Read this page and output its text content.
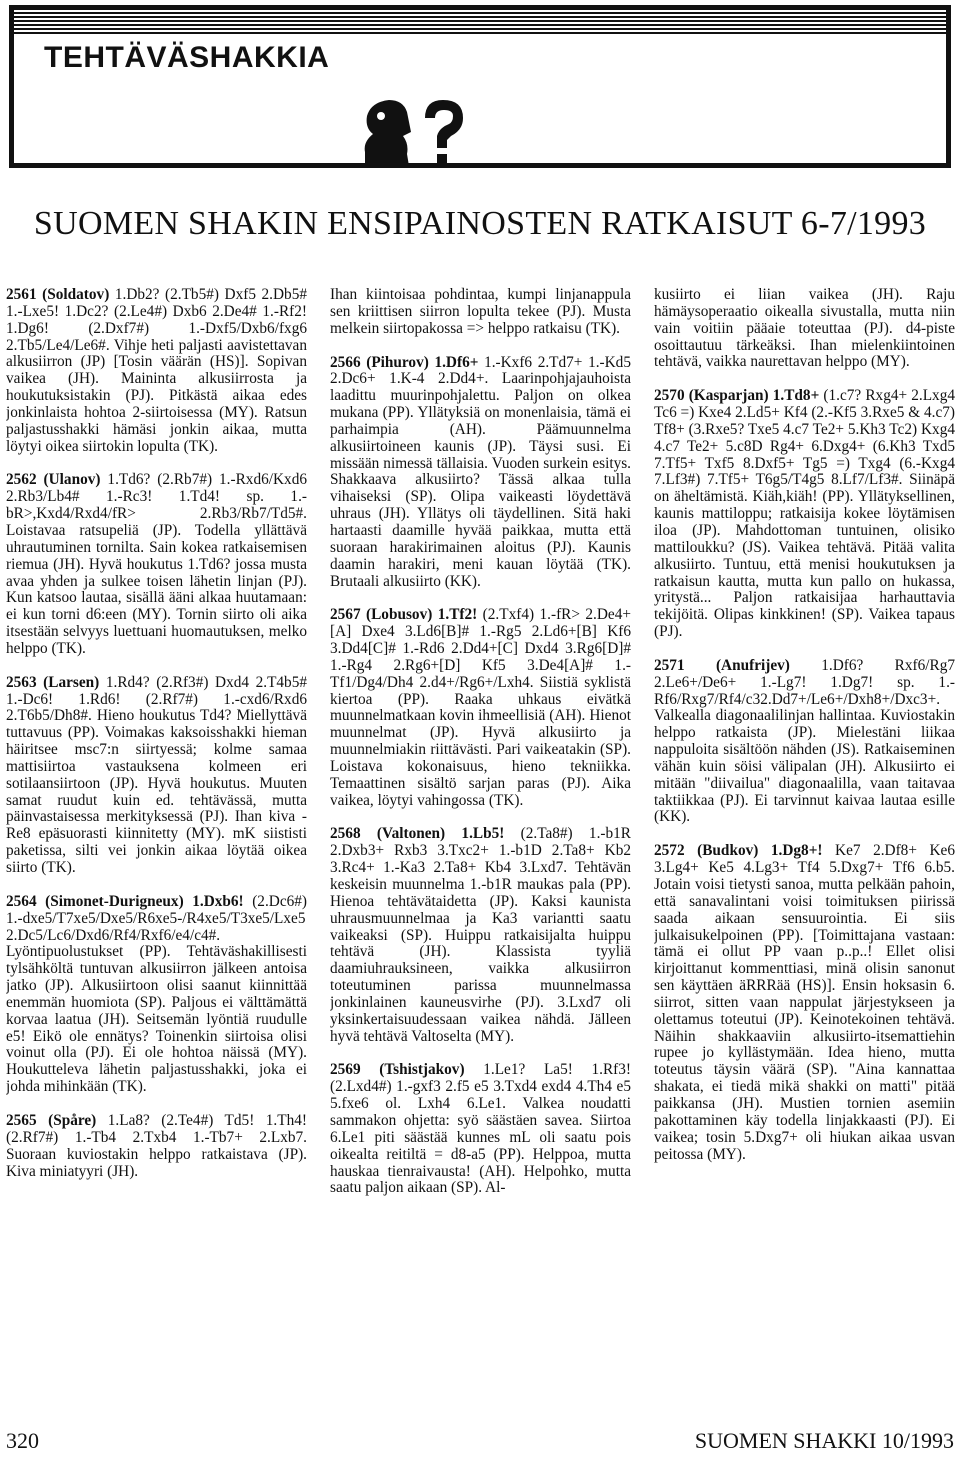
TEHTÄVÄSHAKKIA
SUOMEN SHAKIN ENSIPAINOSTEN RATKAISUT 6-7/1993

2561 (Soldatov) 1.Db2? (2.Tb5#) Dxf5 2.Db5# 1.-Lxe5! 1.Dc2? (2.Le4#) Dxb6 2.De4# 1.-Rf2! 1.Dg6! (2.Dxf7#) 1.-Dxf5/Dxb6/fxg6 2.Tb5/Le4/Le6#. Vihje heti paljasti aavistettavan alkusiirron (JP) [Tosin väärän (HS)]. Sopivan vaikea (JH). Maininta alkusiirrosta ja houkutuksistakin (PJ). Pitkästä aikaa edes jonkinlaista hohtoa 2-siirtoisessa (MY). Ratsun paljastusshakki hämäsi jonkin aikaa, mutta löytyi oikea siirtokin lopulta (TK).

2562 (Ulanov) 1.Td6? (2.Rb7#) 1.-Rxd6/Kxd6 2.Rb3/Lb4# 1.-Rc3! 1.Td4! sp. 1.-bR>,Kxd4/Rxd4/fR> 2.Rb3/Rb7/Td5#. Loistavaa ratsupeliä (JP). Todella yllättävä uhrautuminen tornilta. Sain kokea ratkaisemisen riemua (JH). Hyvä houkutus 1.Td6? jossa musta avaa yhden ja sulkee toisen lähetin linjan (PJ). Kun katsoo lautaa, sisällä ääni alkaa huutamaan: ei kun torni d6:een (MY). Tornin siirto oli aika itsestään selvyys luettuani huomautuksen, melko helppo (TK).

2563 (Larsen) 1.Rd4? (2.Rf3#) Dxd4 2.T4b5# 1.-Dc6! 1.Rd6! (2.Rf7#) 1.-cxd6/Rxd6 2.T6b5/Dh8#. Hieno houkutus Td4? Miellyttävä tuttavuus (PP). Voimakas kaksoisshakki hieman häiritsee msc7:n siirtyessä; kolme samaa mattisiirtoa vastauksena kolmeen eri sotilaansiirtoon (JP). Hyvä houkutus. Muuten samat ruudut kuin ed. tehtävässä, mutta päinvastaisessa merkityksessä (PJ). Ihan kiva -Re8 epäsuorasti kiinnitetty (MY). mK siististi paketissa, silti vei jonkin aikaa löytää oikea siirto (TK).

2564 (Simonet-Durigneux) 1.Dxb6! (2.Dc6#) 1.-dxe5/T7xe5/Dxe5/R6xe5-/R4xe5/T3xe5/Lxe5 2.Dc5/Lc6/Dxd6/Rf4/Rxf6/e4/c4#. Lyöntipuolustukset (PP). Tehtäväshakillisesti tylsähköltä tuntuvan alkusiirron jälkeen antoisa jatko (JP). Alkusiirtoon olisi saanut kiinnittää enemmän huomiota (SP). Paljous ei välttämättä korvaa laatua (JH). Seitsemän lyöntiä ruudulle e5! Eikö ole ennätys? Toinenkin siirtoisa olisi voinut olla (PJ). Ei ole hohtoa näissä (MY). Houkutteleva lähetin paljastusshakki, joka ei johda mihinkään (TK).

2565 (Spåre) 1.La8? (2.Te4#) Td5! 1.Th4! (2.Rf7#) 1.-Tb4 2.Txb4 1.-Tb7+ 2.Lxb7. Suoraan kuviostakin helppo ratkaistava (JP). Kiva miniatyyri (JH).

Ihan kiintoisaa pohdintaa, kumpi linjanappula sen kriittisen siirron lopulta tekee (PJ). Musta melkein siirtopakossa => helppo ratkaisu (TK).

2566 (Pihurov) 1.Df6+ 1.-Kxf6 2.Td7+ 1.-Kd5 2.Dc6+ 1.K-4 2.Dd4+. Laarinpohjajauhoista laadittu muurinpohjalettu. Paljon on olkea mukana (PP). Yllätyksiä on monenlaisia, tämä ei parhaimpia (AH). Päämuunnelma alkusiirtoineen kaunis (JP). Täysi susi. Ei missään nimessä tällaisia. Vuoden surkein esitys. Shakkaava alkusiirto? Tässä alkaa tulla vihaiseksi (SP). Olipa vaikeasti löydettävä uhraus (JH). Yllätys oli täydellinen. Sitä haki hartaasti daamille hyvää paikkaa, mutta että suoraan harakirimainen aloitus (PJ). Kaunis daamin harakiri, meni kauan löytää (TK). Brutaali alkusiirto (KK).

2567 (Lobusov) 1.Tf2! (2.Txf4) 1.-fR> 2.De4+[A] Dxe4 3.Ld6[B]# 1.-Rg5 2.Ld6+[B] Kf6 3.Dd4[C]# 1.-Rd6 2.Dd4+[C] Dxd4 3.Rg6[D]# 1.-Rg4 2.Rg6+[D] Kf5 3.De4[A]# 1.-Tf1/Dg4/Dh4 2.d4+/Rg6+/Lxh4. Siistiä syklistä kiertoa (PP). Raaka uhkaus eivätkä muunnelmatkaan kovin ihmeellisiä (AH). Hienot muunnelmat (JP). Hyvä alkusiirto ja muunnelmiakin riittävästi. Pari vaikeatakin (SP). Loistava kokonaisuus, hieno tekniikka. Temaattinen sisältö sarjan paras (PJ). Aika vaikea, löytyi vahingossa (TK).

2568 (Valtonen) 1.Lb5! (2.Ta8#) 1.-b1R 2.Dxb3+ Rxb3 3.Txc2+ 1.-b1D 2.Ta8+ Kb2 3.Rc4+ 1.-Ka3 2.Ta8+ Kb4 3.Lxd7. Tehtävän keskeisin muunnelma 1.-b1R maukas pala (PP). Hienoa tehtävätaidetta (JP). Kaksi kaunista uhrausmuunnelmaa ja Ka3 variantti saatu vaikeaksi (SP). Huippu ratkaisijalta huippu tehtävä (JH). Klassista tyyliä daamiuhrauksineen, vaikka alkusiirron toteutuminen parissa muunnelmassa jonkinlainen kauneusvirhe (PJ). 3.Lxd7 oli yksinkertaisuudessaan vaikea nähdä. Jälleen hyvä tehtävä Valtoselta (MY).

2569 (Tshistjakov) 1.Le1? La5! 1.Rf3! (2.Lxd4#) 1.-gxf3 2.f5 e5 3.Txd4 exd4 4.Th4 e5 5.fxe6 ol. Lxh4 6.Le1. Valkea noudatti sammakon ohjetta: syö säästäen savea. Siirtoa 6.Le1 piti säästää kunnes mL oli saatu pois oikealta reitiltä = d8-a5 (PP). Helppoa, mutta hauskaa tienraivausta! (AH). Helpohko, mutta saatu paljon aikaan (SP). Al-

kusiirto ei liian vaikea (JH). Raju hämäysoperaatio oikealla sivustalla, mutta niin vain voitiin pääaie toteuttaa (PJ). d4-piste osoittautuu tärkeäksi. Ihan mielenkiintoinen tehtävä, vaikka naurettavan helppo (MY).

2570 (Kasparjan) 1.Td8+ (1.c7? Rxg4+ 2.Lxg4 Tc6 =) Kxe4 2.Ld5+ Kf4 (2.-Kf5 3.Rxe5 & 4.c7) Tf8+ (3.Rxe5? Txe5 4.c7 Te2+ 5.Kh3 Tc2) Kxg4 4.c7 Te2+ 5.c8D Rg4+ 6.Dxg4+ (6.Kh3 Txd5 7.Tf5+ Txf5 8.Dxf5+ Tg5 =) Txg4 (6.-Kxg4 7.Lf3#) 7.Tf5+ T6g5/T4g5 8.Lf7/Lf3#. Siinäpä on äheltämistä. Kiäh,kiäh! (PP). Yllätyksellinen, kaunis mattiloppu; ratkaisija kokee löytämisen iloa (JP). Mahdottoman tuntuinen, olisiko mattiloukku? (JS). Vaikea tehtävä. Pitää valita alkusiirto. Tuntuu, että menisi houkutuksen ja ratkaisun kautta, mutta kun pallo on hukassa, yritystä... Paljon ratkaisijaa harhauttavia tekijöitä. Olipas kinkkinen! (SP). Vaikea tapaus (PJ).

2571 (Anufrijev) 1.Df6? Rxf6/Rg7 2.Le6+/De6+ 1.-Lg7! 1.Dg7! sp. 1.-Rf6/Rxg7/Rf4/c32.Dd7+/Le6+/Dxh8+/Dxc3+. Valkealla diagonaalilinjan hallintaa. Kuviostakin helppo ratkaista (JP). Mielestäni liikaa nappuloita sisältöön nähden (JS). Ratkaiseminen vähän kuin söisi välipalan (JH). Alkusiirto ei mitään "diivailua" diagonaalilla, vaan taitavaa taktiikkaa (PJ). Ei tarvinnut kaivaa lautaa esille (KK).

2572 (Budkov) 1.Dg8+! Ke7 2.Df8+ Ke6 3.Lg4+ Ke5 4.Lg3+ Tf4 5.Dxg7+ Tf6 6.b5. Jotain voisi tietysti sanoa, mutta pelkään pahoin, että sanavalintani voisi toimituksen piirissä saada aikaan sensuurointia. Ei siis julkaisukelpoinen (PP). [Toimittajana vastaan: tämä ei ollut PP vaan p..p..! Ellet olisi kirjoittanut kommenttiasi, minä olisin sanonut sen käyttäen äRRRää (HS)]. Ensin hoksasin 6. siirrot, sitten vaan nappulat järjestykseen ja olettamus toteutui (JP). Keinotekoinen tehtävä. Näihin shakkaaviin alkusiirto-itsemattiehin rupee jo kyllästymään. Idea hieno, mutta toteutus täysin väärä (SP). "Aina kannattaa shakata, ei tiedä mikä shakki on matti" pitää paikkansa (JH). Mustien tornien asemiin pakottaminen käy todella linjakkaasti (PJ). Ei vaikea; tosin 5.Dxg7+ oli hiukan aikaa usvan peitossa (MY).

320	SUOMEN SHAKKI 10/1993
